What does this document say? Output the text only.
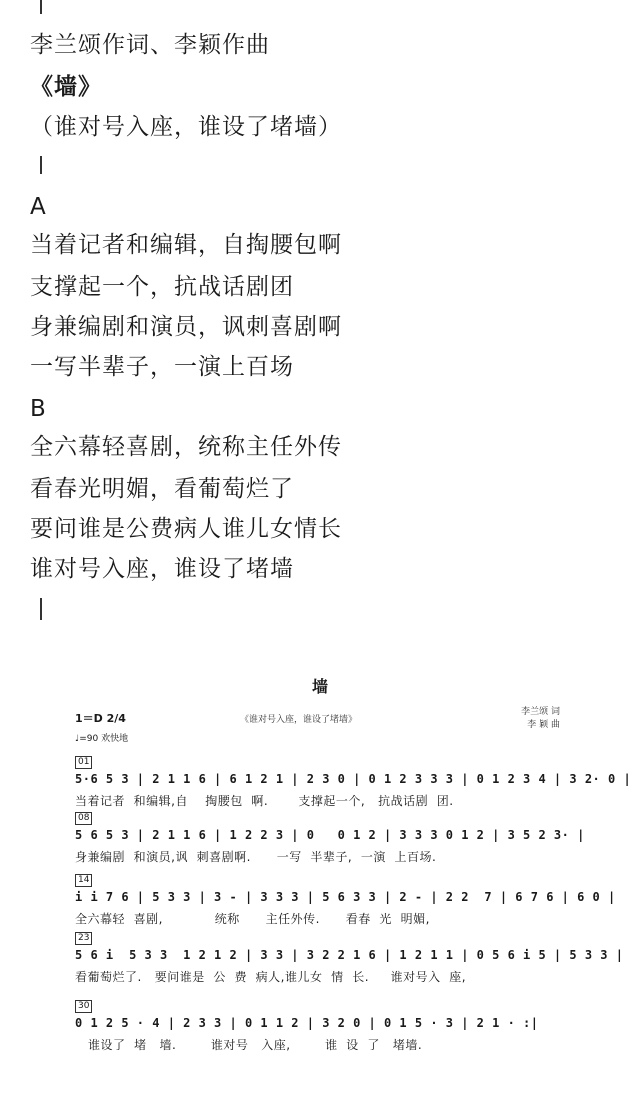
李兰颂作词、李颖作曲
《墙》
（谁对号入座，谁设了堵墙）
A
当着记者和编辑，自掏腰包啊
支撑起一个，抗战话剧团
身兼编剧和演员，讽刺喜剧啊
一写半辈子，一演上百场
B
全六幕轻喜剧，统称主任外传
看春光明媚，看葡萄烂了
要问谁是公费病人谁儿女情长
谁对号入座，谁设了堵墙
墙
1＝D 2/4
♩=90 欢快地
《谁对号入座，谁设了堵墙》
李兰颂 词
李 颖 曲
01
5·6 5 3 | 2 1 1 6 | 6 1 2 1 | 2 3 0 | 0 1 2 3 3 3 | 0 1 2 3 4 | 3 2· 0 |
当着记者  和编辑,自    掏腰包  啊.       支撑起一个,   抗战话剧  团.
08
5 6 5 3 | 2 1 1 6 | 1 2 2 3 | 0   0 1 2 | 3 3 3 0 1 2 | 3 5 2 3· |
身兼编剧  和演员,讽  刺喜剧啊.      一写  半辈子,  一演  上百场.
14
i i 7 6 | 5 3 3 | 3 - | 3 3 3 | 5 6 3 3 | 2 - | 2 2  7 | 6 7 6 | 6 0 |
全六幕轻  喜剧,            统称      主任外传.      看春  光  明媚,
23
5 6 i  5 3 3  1 2 1 2 | 3 3 | 3 2 2 1 6 | 1 2 1 1 | 0 5 6 i 5 | 5 3 3 |
看葡萄烂了.   要问谁是  公  费  病人,谁儿女  情  长.     谁对号入  座,
30
0 1 2 5 · 4 | 2 3 3 | 0 1 1 2 | 3 2 0 | 0 1 5 · 3 | 2 1 · :|
谁设了  堵   墙.        谁对号   入座,        谁  设  了   堵墙.
